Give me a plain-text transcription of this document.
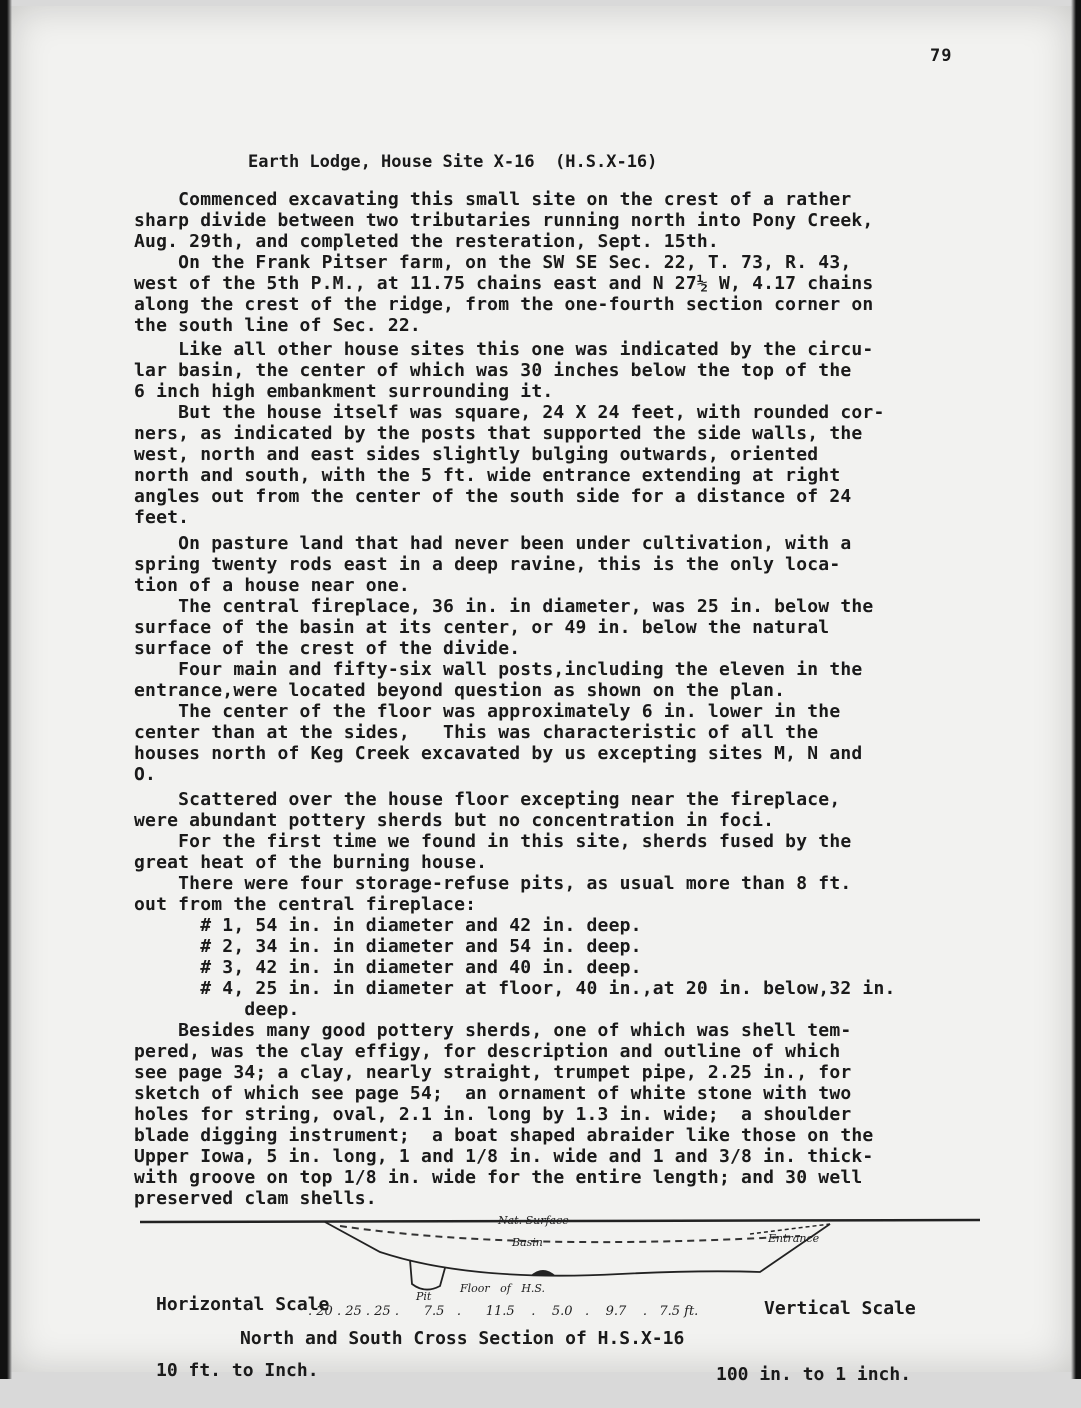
79
Earth Lodge, House Site X-16  (H.S.X-16)
Commenced excavating this small site on the crest of a rather
sharp divide between two tributaries running north into Pony Creek,
Aug. 29th, and completed the resteration, Sept. 15th.
On the Frank Pitser farm, on the SW SE Sec. 22, T. 73, R. 43,
west of the 5th P.M., at 11.75 chains east and N 27½ W, 4.17 chains
along the crest of the ridge, from the one-fourth section corner on
the south line of Sec. 22.
Like all other house sites this one was indicated by the circu-
lar basin, the center of which was 30 inches below the top of the
6 inch high embankment surrounding it.
But the house itself was square, 24 X 24 feet, with rounded cor-
ners, as indicated by the posts that supported the side walls, the
west, north and east sides slightly bulging outwards, oriented
north and south, with the 5 ft. wide entrance extending at right
angles out from the center of the south side for a distance of 24
feet.
On pasture land that had never been under cultivation, with a
spring twenty rods east in a deep ravine, this is the only loca-
tion of a house near one.
The central fireplace, 36 in. in diameter, was 25 in. below the
surface of the basin at its center, or 49 in. below the natural
surface of the crest of the divide.
Four main and fifty-six wall posts,including the eleven in the
entrance,were located beyond question as shown on the plan.
The center of the floor was approximately 6 in. lower in the
center than at the sides,   This was characteristic of all the
houses north of Keg Creek excavated by us excepting sites M, N and
O.
Scattered over the house floor excepting near the fireplace,
were abundant pottery sherds but no concentration in foci.
For the first time we found in this site, sherds fused by the
great heat of the burning house.
There were four storage-refuse pits, as usual more than 8 ft.
out from the central fireplace:
# 1, 54 in. in diameter and 42 in. deep.
# 2, 34 in. in diameter and 54 in. deep.
# 3, 42 in. in diameter and 40 in. deep.
# 4, 25 in. in diameter at floor, 40 in.,at 20 in. below,32 in.
deep.
Besides many good pottery sherds, one of which was shell tem-
pered, was the clay effigy, for description and outline of which
see page 34; a clay, nearly straight, trumpet pipe, 2.25 in., for
sketch of which see page 54;  an ornament of white stone with two
holes for string, oval, 2.1 in. long by 1.3 in. wide;  a shoulder
blade digging instrument;  a boat shaped abraider like those on the
Upper Iowa, 5 in. long, 1 and 1/8 in. wide and 1 and 3/8 in. thick-
with groove on top 1/8 in. wide for the entire length; and 30 well
preserved clam shells.
Nat. Surface
Basin	Entrance
Pit
Floor   of   H.S.

Horizontal Scale

10 ft. to Inch.

Vertical Scale

100 in. to 1 inch.

. 20 . 25 . 25 .      7.5   .      11.5    .    5.0   .    9.7    .   7.5 ft.
North and South Cross Section of H.S.X-16
